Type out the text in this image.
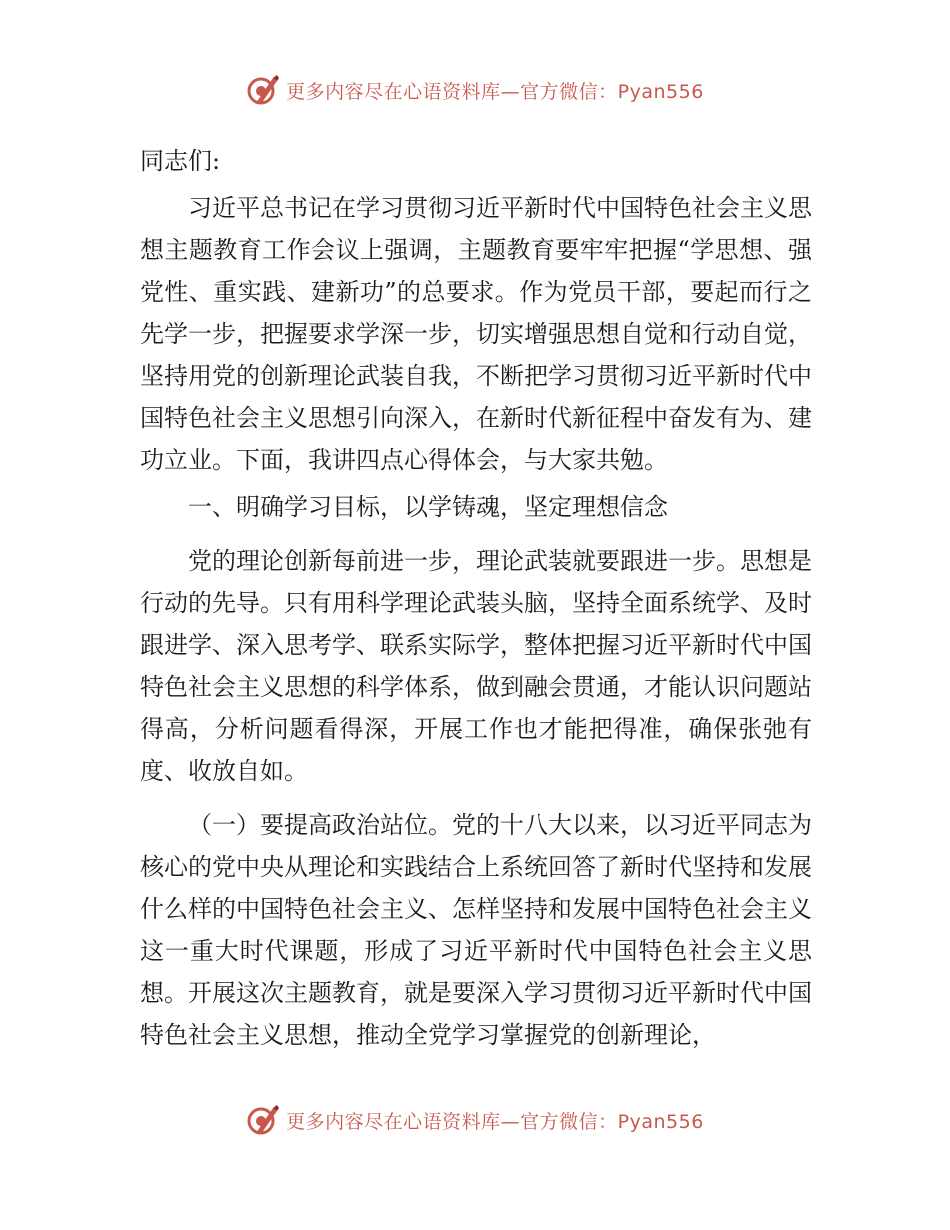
更多内容尽在心语资料库—官方微信：Pyan556

同志们:

习近平总书记在学习贯彻习近平新时代中国特色社会主义思想主题教育工作会议上强调，主题教育要牢牢把握“学思想、强党性、重实践、建新功”的总要求。作为党员干部，要起而行之先学一步，把握要求学深一步，切实增强思想自觉和行动自觉，坚持用党的创新理论武装自我，不断把学习贯彻习近平新时代中国特色社会主义思想引向深入，在新时代新征程中奋发有为、建功立业。下面，我讲四点心得体会，与大家共勉。

一、明确学习目标，以学铸魂，坚定理想信念

党的理论创新每前进一步，理论武装就要跟进一步。思想是行动的先导。只有用科学理论武装头脑，坚持全面系统学、及时跟进学、深入思考学、联系实际学，整体把握习近平新时代中国特色社会主义思想的科学体系，做到融会贯通，才能认识问题站得高，分析问题看得深，开展工作也才能把得准，确保张弛有度、收放自如。

（一）要提高政治站位。党的十八大以来，以习近平同志为核心的党中央从理论和实践结合上系统回答了新时代坚持和发展什么样的中国特色社会主义、怎样坚持和发展中国特色社会主义这一重大时代课题，形成了习近平新时代中国特色社会主义思想。开展这次主题教育，就是要深入学习贯彻习近平新时代中国特色社会主义思想，推动全党学习掌握党的创新理论，

更多内容尽在心语资料库—官方微信：Pyan556
